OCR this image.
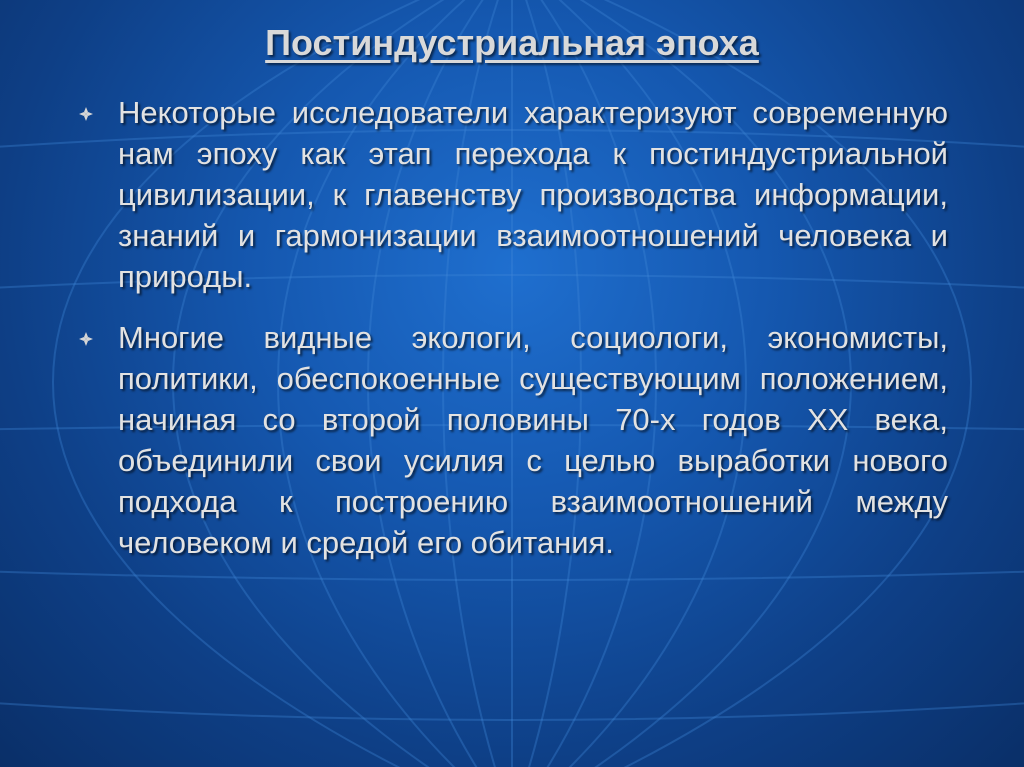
Постиндустриальная эпоха
Некоторые исследователи характеризуют современную нам эпоху как этап перехода к постиндустриальной цивилизации, к главенству производства информации, знаний и гармонизации взаимоотношений человека и природы.
Многие видные экологи, социологи, экономисты, политики, обеспокоенные существующим положением, начиная со второй половины 70-х годов XX века, объединили свои усилия с целью выработки нового подхода к построению взаимоотношений между человеком и средой его обитания.
